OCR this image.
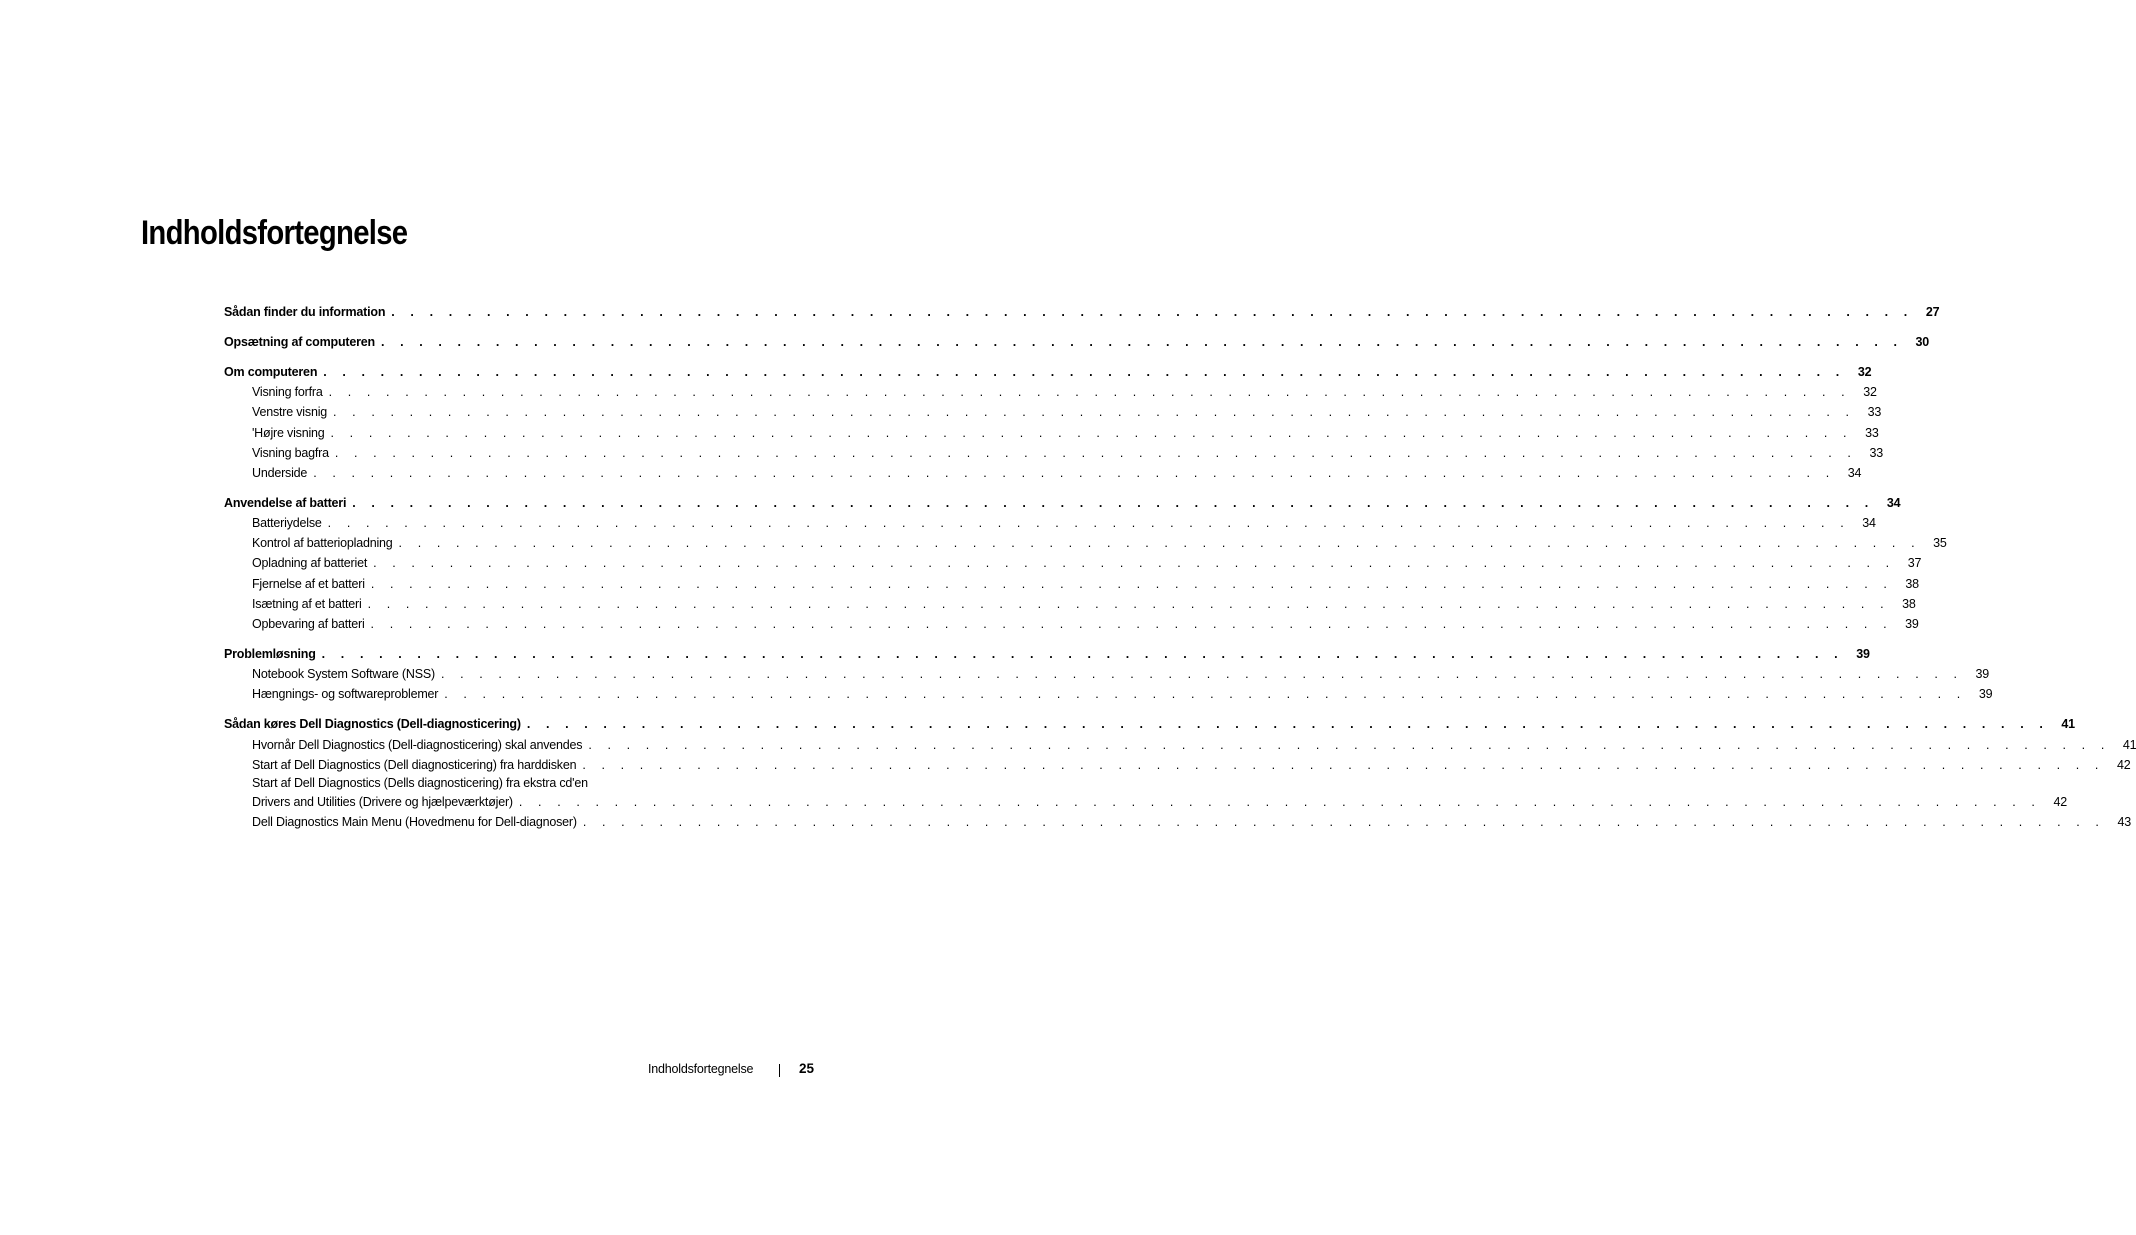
Indholdsfortegnelse
Sådan finder du information . . . . . . . . . . . . . . . . . . . . . . . . . . . . . . . . . . . . . . . . . . . . . . . . . . . . . . . . . . . . . . . . . . . . . . . . . . . . . . . . 27
Opsætning af computeren . . . . . . . . . . . . . . . . . . . . . . . . . . . . . . . . . . . . . . . . . . . . . . . . . . . . . . . . . . . . . . . . . . . . . . . . . . . . . . . . 30
Om computeren . . . . . . . . . . . . . . . . . . . . . . . . . . . . . . . . . . . . . . . . . . . . . . . . . . . . . . . . . . . . . . . . . . . . . . . . . . . . . . . . 32
Visning forfra . . . . . . . . . . . . . . . . . . . . . . . . . . . . . . . . . . . . . . . . . . . . . . . . . . . . . . . . . . . . . . . . . . . . . . . . . . . . . . . . 32
Venstre visnig . . . . . . . . . . . . . . . . . . . . . . . . . . . . . . . . . . . . . . . . . . . . . . . . . . . . . . . . . . . . . . . . . . . . . . . . . . . . . . . . 33
'Højre visning . . . . . . . . . . . . . . . . . . . . . . . . . . . . . . . . . . . . . . . . . . . . . . . . . . . . . . . . . . . . . . . . . . . . . . . . . . . . . . . . 33
Visning bagfra . . . . . . . . . . . . . . . . . . . . . . . . . . . . . . . . . . . . . . . . . . . . . . . . . . . . . . . . . . . . . . . . . . . . . . . . . . . . . . . . 33
Underside . . . . . . . . . . . . . . . . . . . . . . . . . . . . . . . . . . . . . . . . . . . . . . . . . . . . . . . . . . . . . . . . . . . . . . . . . . . . . . . . 34
Anvendelse af batteri . . . . . . . . . . . . . . . . . . . . . . . . . . . . . . . . . . . . . . . . . . . . . . . . . . . . . . . . . . . . . . . . . . . . . . . . . . . . . . . . 34
Batteriydelse . . . . . . . . . . . . . . . . . . . . . . . . . . . . . . . . . . . . . . . . . . . . . . . . . . . . . . . . . . . . . . . . . . . . . . . . . . . . . . . . 34
Kontrol af batteriopladning . . . . . . . . . . . . . . . . . . . . . . . . . . . . . . . . . . . . . . . . . . . . . . . . . . . . . . . . . . . . . . . . . . . . . . . . . . . . . . . . 35
Opladning af batteriet . . . . . . . . . . . . . . . . . . . . . . . . . . . . . . . . . . . . . . . . . . . . . . . . . . . . . . . . . . . . . . . . . . . . . . . . . . . . . . . . 37
Fjernelse af et batteri . . . . . . . . . . . . . . . . . . . . . . . . . . . . . . . . . . . . . . . . . . . . . . . . . . . . . . . . . . . . . . . . . . . . . . . . . . . . . . . . 38
Isætning af et batteri . . . . . . . . . . . . . . . . . . . . . . . . . . . . . . . . . . . . . . . . . . . . . . . . . . . . . . . . . . . . . . . . . . . . . . . . . . . . . . . . 38
Opbevaring af batteri . . . . . . . . . . . . . . . . . . . . . . . . . . . . . . . . . . . . . . . . . . . . . . . . . . . . . . . . . . . . . . . . . . . . . . . . . . . . . . . . 39
Problemløsning . . . . . . . . . . . . . . . . . . . . . . . . . . . . . . . . . . . . . . . . . . . . . . . . . . . . . . . . . . . . . . . . . . . . . . . . . . . . . . . . 39
Notebook System Software (NSS) . . . . . . . . . . . . . . . . . . . . . . . . . . . . . . . . . . . . . . . . . . . . . . . . . . . . . . . . . . . . . . . . . . . . . . . . . . . . . . . . 39
Hængnings- og softwareproblemer . . . . . . . . . . . . . . . . . . . . . . . . . . . . . . . . . . . . . . . . . . . . . . . . . . . . . . . . . . . . . . . . . . . . . . . . . . . . . . . . 39
Sådan køres Dell Diagnostics (Dell-diagnosticering) . . . . . . . . . . . . . . . . . . . . . . . . . . . . . . . . . . . . . . . . . . . . . . . . . . . . . . . . . . . . . . . . . . . . . . . . . . . . . . . . 41
Hvornår Dell Diagnostics (Dell-diagnosticering) skal anvendes . . . . . . . . . . . . . . . . . . . . . . . . . . . . . . . . . . . . . . . . . . . . . . . . . . . . . . . . . . . . . . . . . . . . . . . . . . . . . . . . 41
Start af Dell Diagnostics (Dell diagnosticering) fra harddisken . . . . . . . . . . . . . . . . . . . . . . . . . . . . . . . . . . . . . . . . . . . . . . . . . . . . . . . . . . . . . . . . . . . . . . . . . . . . . . . . 42
Start af Dell Diagnostics (Dells diagnosticering) fra ekstra cd'en
Drivers and Utilities (Drivere og hjælpeværktøjer) . . . . . . . . . . . . . . . . . . . . . . . . . . . . . . . . . . . . . . . . . . . . . . . . . . . . . . . . . . . . . . . . . . . . . . . . . . . . . . . . 42
Dell Diagnostics Main Menu (Hovedmenu for Dell-diagnoser) . . . . . . . . . . . . . . . . . . . . . . . . . . . . . . . . . . . . . . . . . . . . . . . . . . . . . . . . . . . . . . . . . . . . . . . . . . . . . . . . 43
Indholdsfortegnelse	25
